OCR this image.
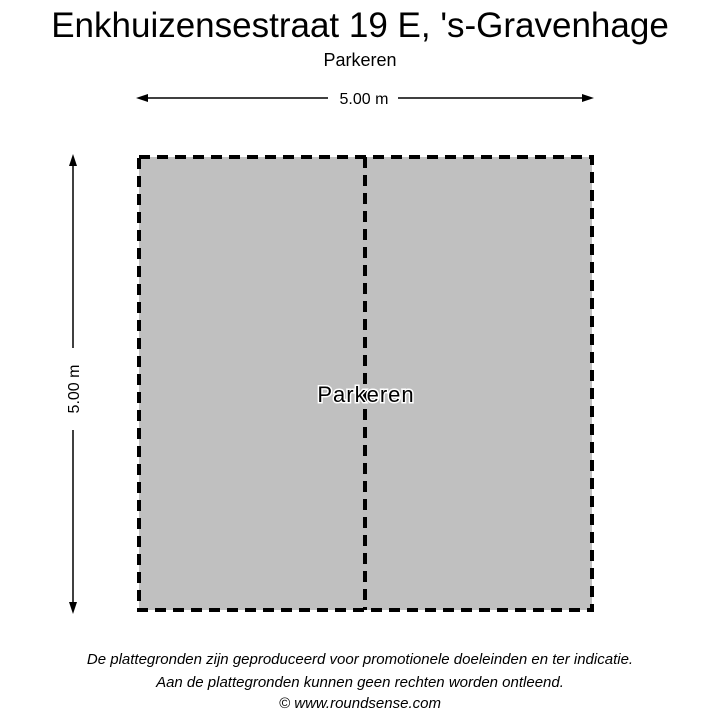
Enkhuizensestraat 19 E, 's-Gravenhage
Parkeren
5.00 m
5.00 m	Parkeren
De plattegronden zijn geproduceerd voor promotionele doeleinden en ter indicatie.
Aan de plattegronden kunnen geen rechten worden ontleend.
© www.roundsense.com
